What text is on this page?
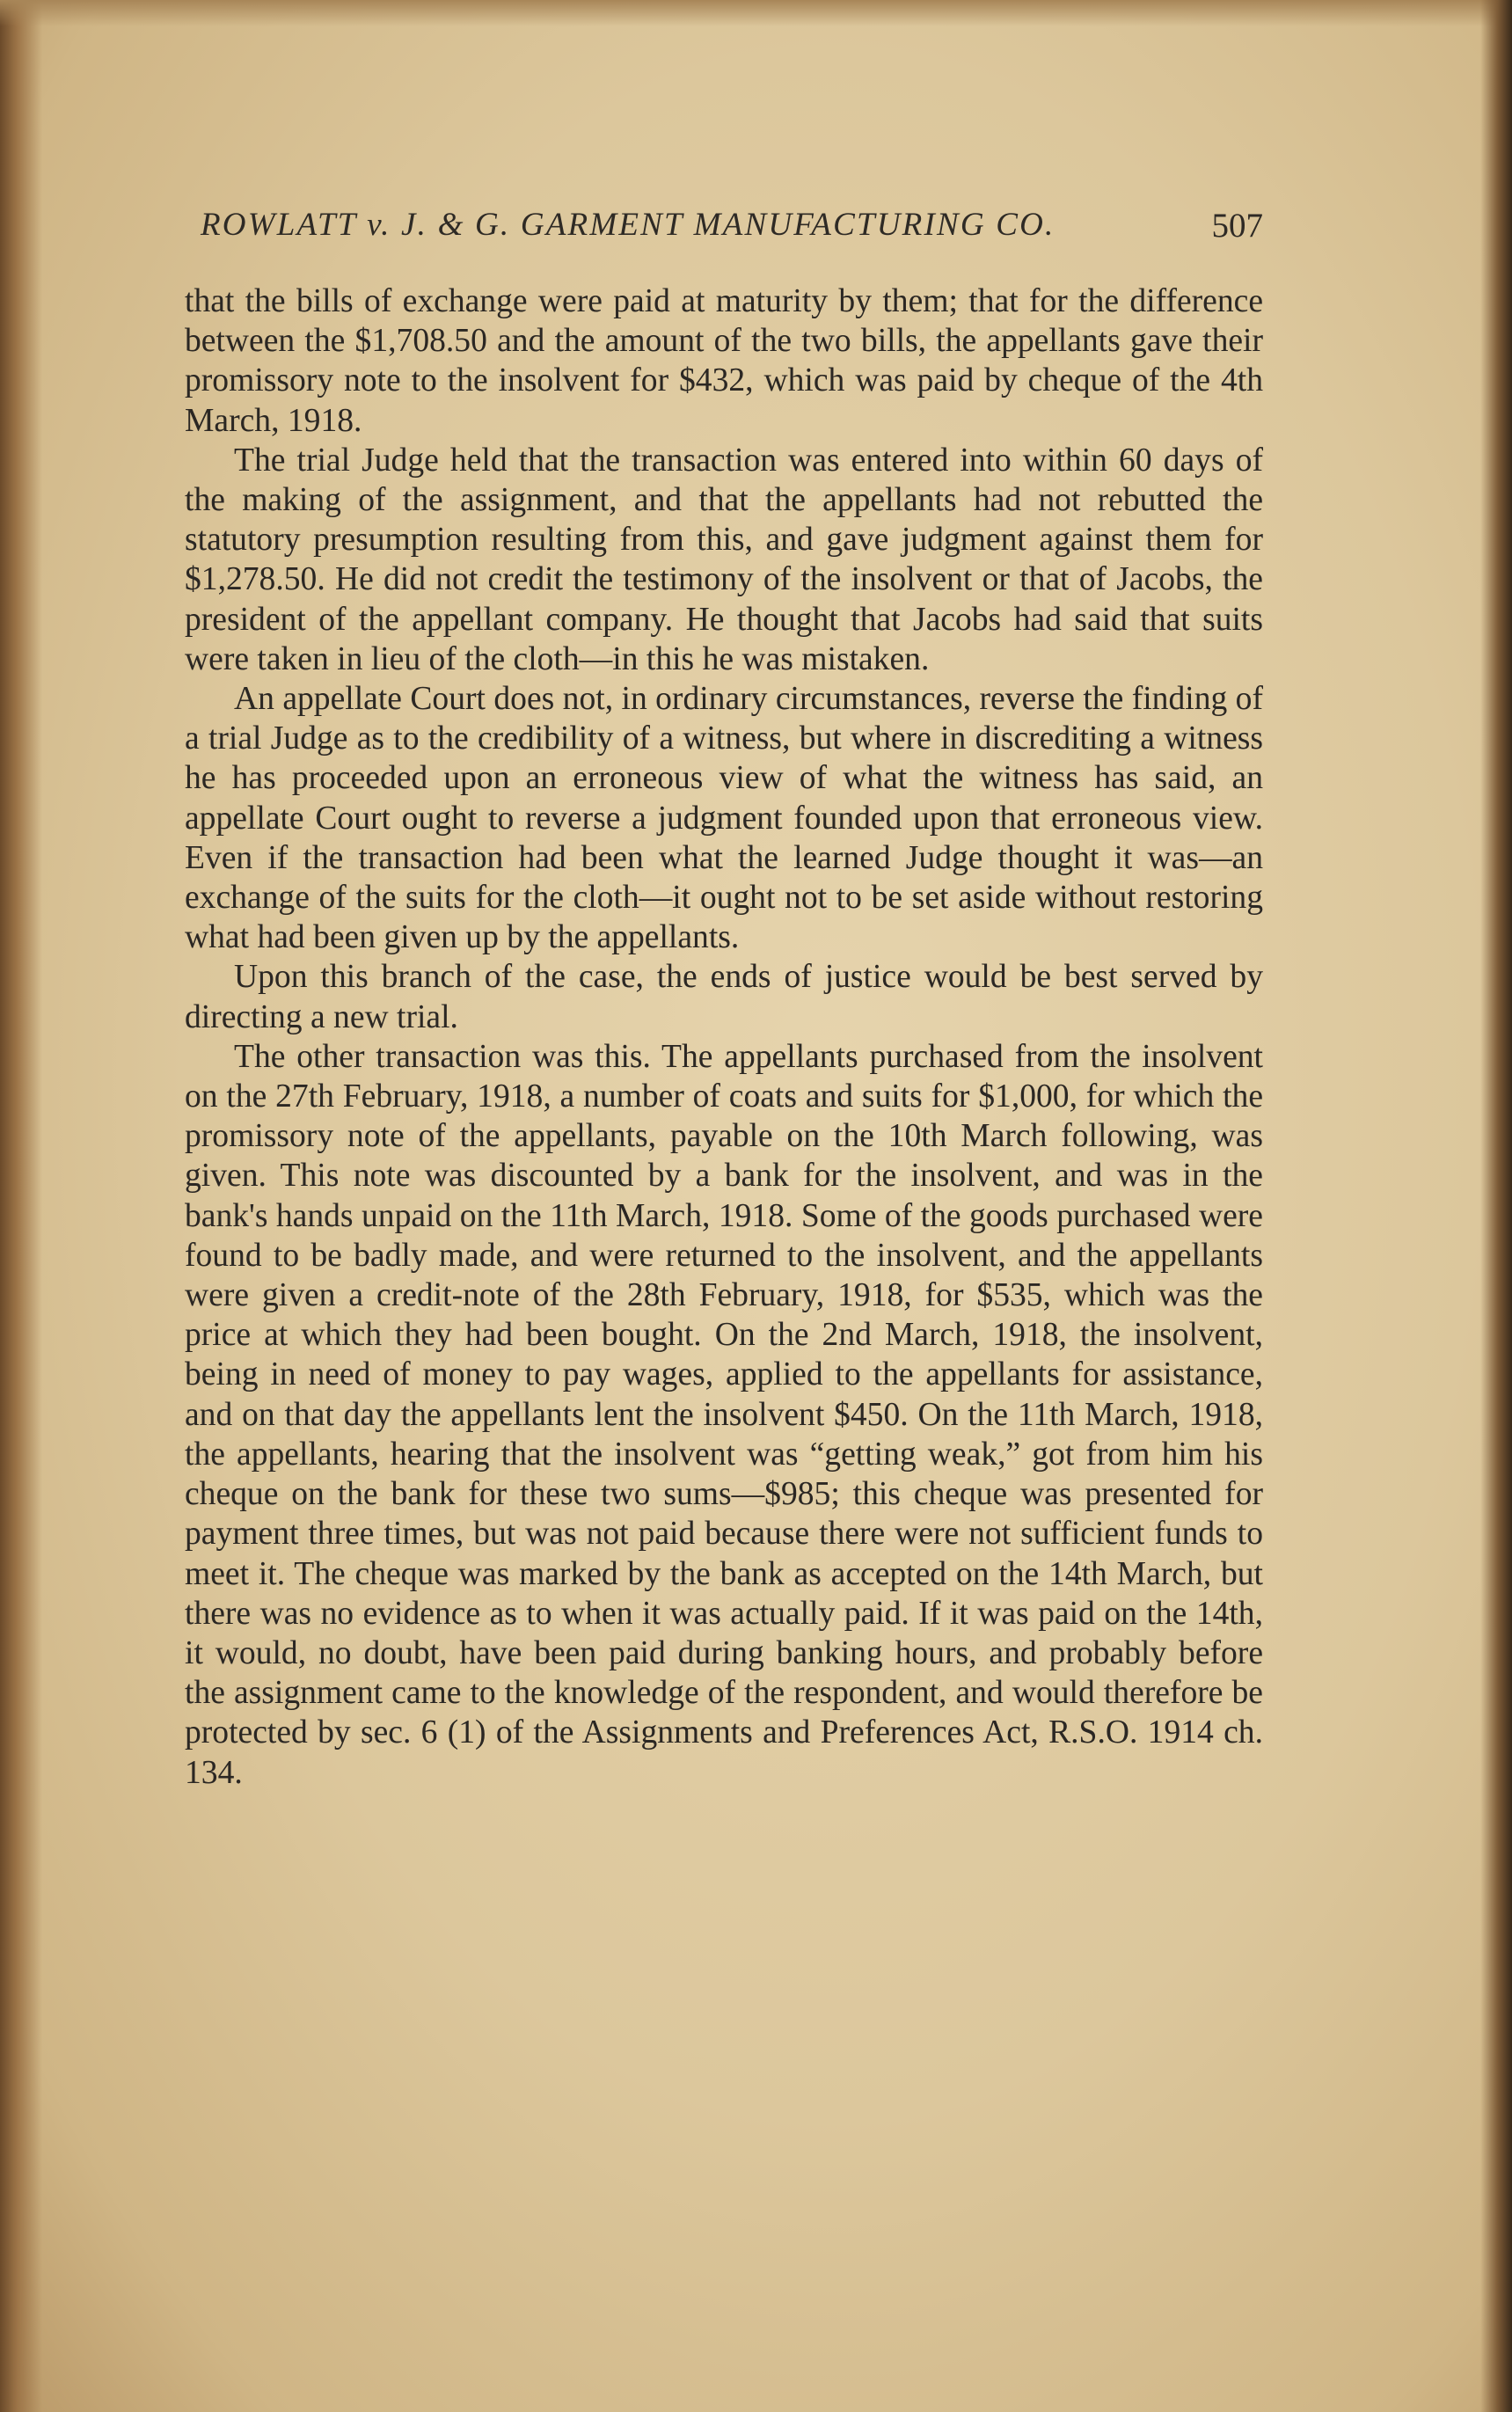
ROWLATT v. J. & G. GARMENT MANUFACTURING CO.	507

that the bills of exchange were paid at maturity by them; that for the difference between the $1,708.50 and the amount of the two bills, the appellants gave their promissory note to the insolvent for $432, which was paid by cheque of the 4th March, 1918.

The trial Judge held that the transaction was entered into within 60 days of the making of the assignment, and that the appellants had not rebutted the statutory presumption resulting from this, and gave judgment against them for $1,278.50. He did not credit the testimony of the insolvent or that of Jacobs, the president of the appellant company. He thought that Jacobs had said that suits were taken in lieu of the cloth—in this he was mistaken.

An appellate Court does not, in ordinary circumstances, reverse the finding of a trial Judge as to the credibility of a witness, but where in discrediting a witness he has proceeded upon an erroneous view of what the witness has said, an appellate Court ought to reverse a judgment founded upon that erroneous view. Even if the transaction had been what the learned Judge thought it was—an exchange of the suits for the cloth—it ought not to be set aside without restoring what had been given up by the appellants.

Upon this branch of the case, the ends of justice would be best served by directing a new trial.

The other transaction was this. The appellants purchased from the insolvent on the 27th February, 1918, a number of coats and suits for $1,000, for which the promissory note of the appellants, payable on the 10th March following, was given. This note was discounted by a bank for the insolvent, and was in the bank's hands unpaid on the 11th March, 1918. Some of the goods purchased were found to be badly made, and were returned to the insolvent, and the appellants were given a credit-note of the 28th February, 1918, for $535, which was the price at which they had been bought. On the 2nd March, 1918, the insolvent, being in need of money to pay wages, applied to the appellants for assistance, and on that day the appellants lent the insolvent $450. On the 11th March, 1918, the appellants, hearing that the insolvent was “getting weak,” got from him his cheque on the bank for these two sums—$985; this cheque was presented for payment three times, but was not paid because there were not sufficient funds to meet it. The cheque was marked by the bank as accepted on the 14th March, but there was no evidence as to when it was actually paid. If it was paid on the 14th, it would, no doubt, have been paid during banking hours, and probably before the assignment came to the knowledge of the respondent, and would therefore be protected by sec. 6 (1) of the Assignments and Preferences Act, R.S.O. 1914 ch. 134.
